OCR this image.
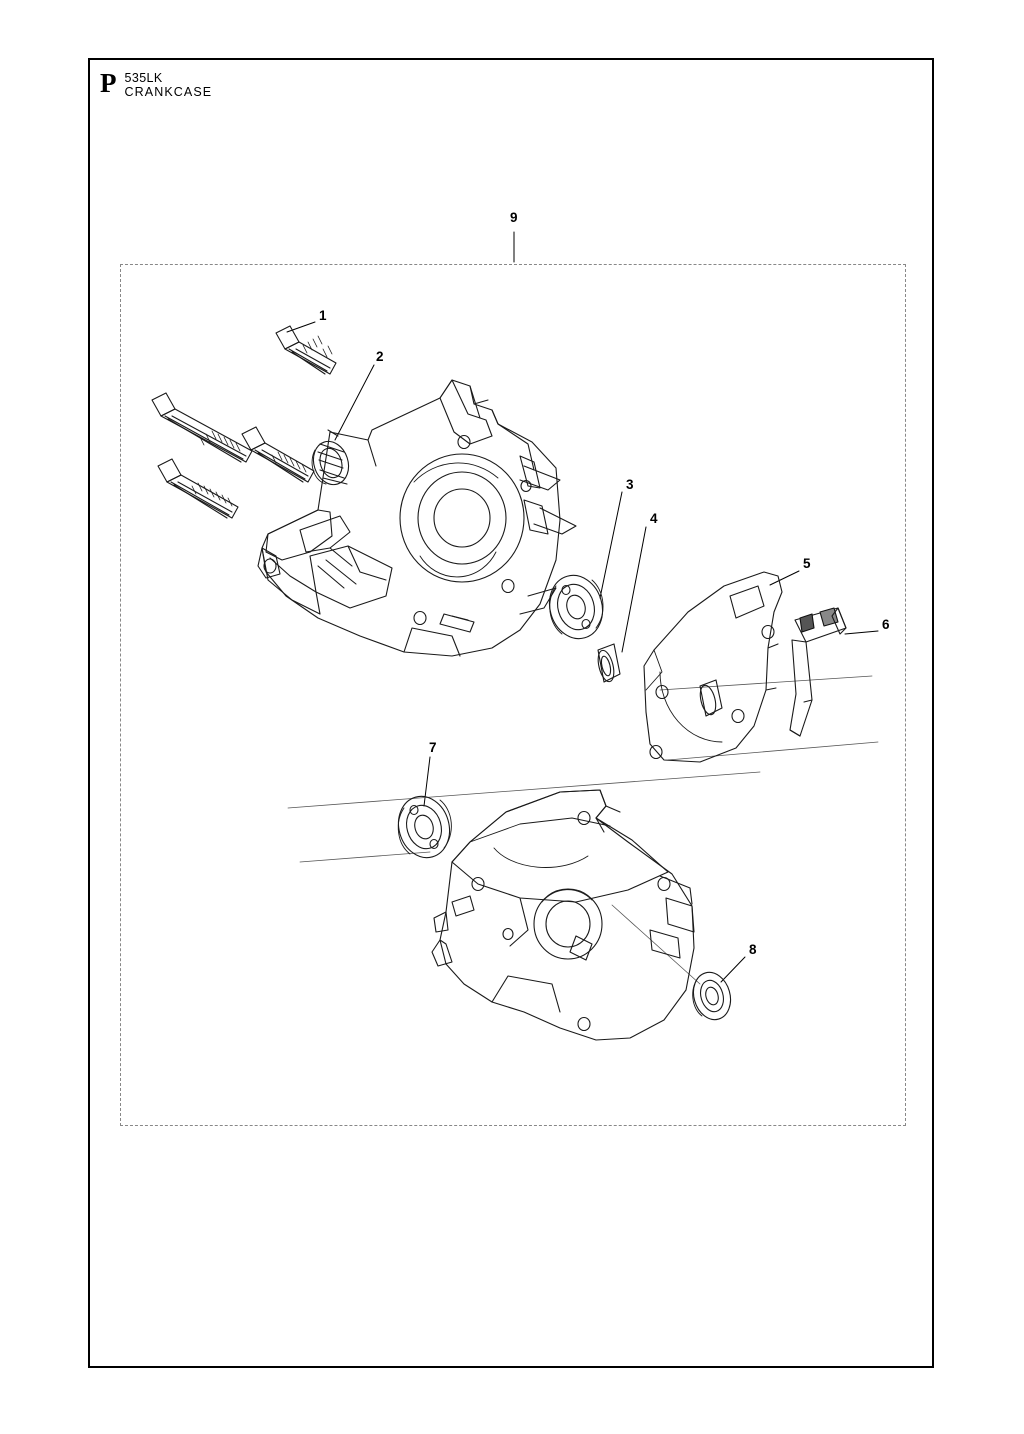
P 535LK
CRANKCASE
1
2
3
4
5
6
7
8
9
